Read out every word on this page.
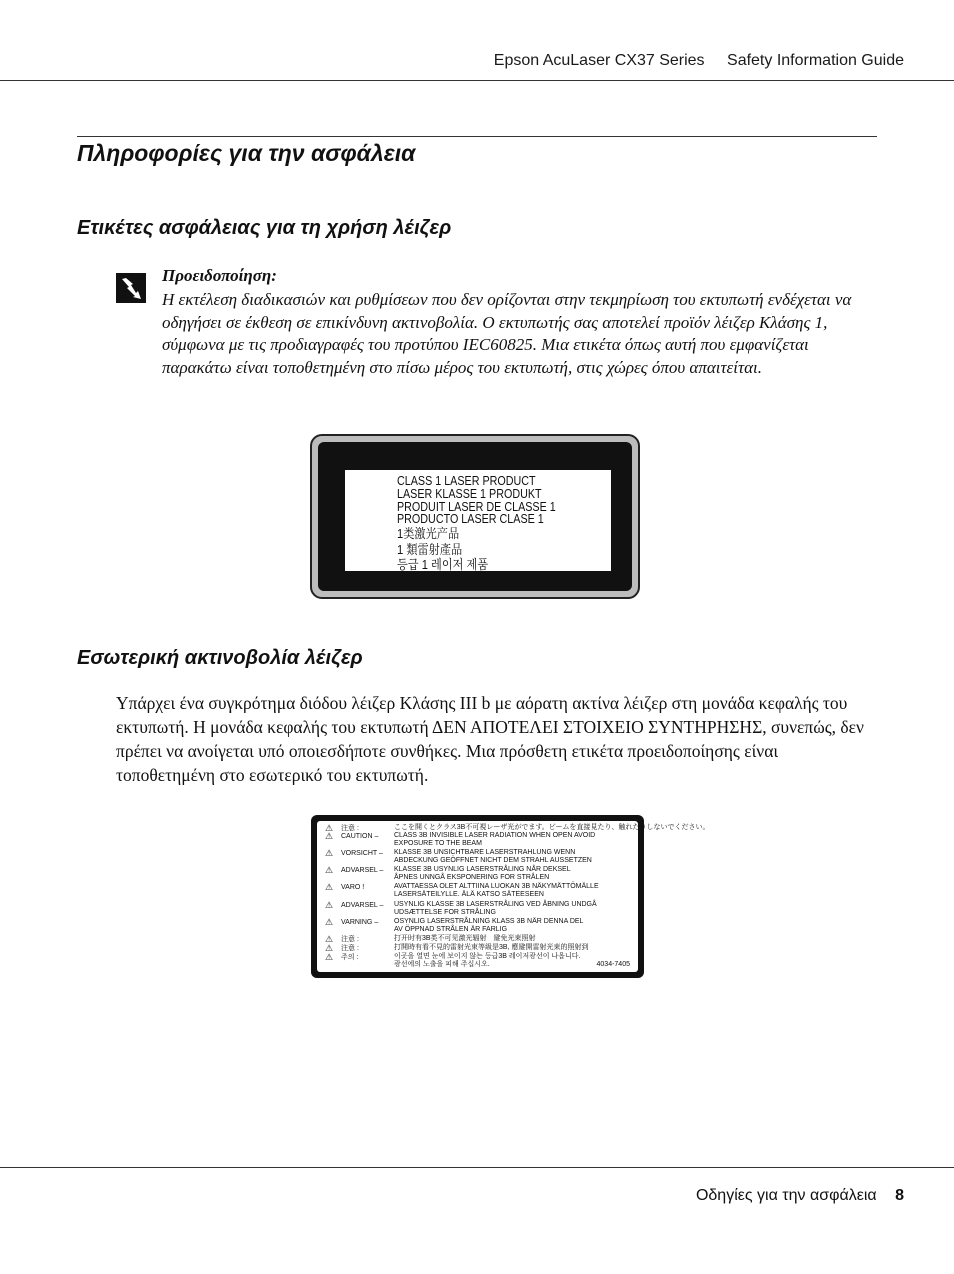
Epson AcuLaser CX37 Series Safety Information Guide
Πληροφορίες για την ασφάλεια
Ετικέτες ασφάλειας για τη χρήση λέιζερ
Προειδοποίηση:
Η εκτέλεση διαδικασιών και ρυθμίσεων που δεν ορίζονται στην τεκμηρίωση του εκτυπωτή ενδέχεται να οδηγήσει σε έκθεση σε επικίνδυνη ακτινοβολία. Ο εκτυπωτής σας αποτελεί προϊόν λέιζερ Κλάσης 1, σύμφωνα με τις προδιαγραφές του προτύπου IEC60825. Μια ετικέτα όπως αυτή που εμφανίζεται παρακάτω είναι τοποθετημένη στο πίσω μέρος του εκτυπωτή, στις χώρες όπου απαιτείται.
CLASS 1 LASER PRODUCT
LASER KLASSE 1 PRODUKT
PRODUIT LASER DE CLASSE 1
PRODUCTO LASER CLASE 1
1类激光产品
1 類雷射產品
등급 1 레이저 제품
Εσωτερική ακτινοβολία λέιζερ
Υπάρχει ένα συγκρότημα διόδου λέιζερ Κλάσης III b με αόρατη ακτίνα λέιζερ στη μονάδα κεφαλής του εκτυπωτή. Η μονάδα κεφαλής του εκτυπωτή ΔΕΝ ΑΠΟΤΕΛΕΙ ΣΤΟΙΧΕΙΟ ΣΥΝΤΗΡΗΣΗΣ, συνεπώς, δεν πρέπει να ανοίγεται υπό οποιεσδήποτε συνθήκες. Μια πρόσθετη ετικέτα προειδοποίησης είναι τοποθετημένη στο εσωτερικό του εκτυπωτή.
4034-7405
⚠ 注意 :	ここを開くとクラス3B不可視レーザ光がでます。ビームを直接見たり、触れたりしないでください。
⚠ CAUTION – CLASS 3B INVISIBLE LASER RADIATION WHEN OPEN AVOID
EXPOSURE TO THE BEAM
⚠ VORSICHT – KLASSE 3B UNSICHTBARE LASERSTRAHLUNG WENN
ABDECKUNG GEÖFFNET NICHT DEM STRAHL AUSSETZEN
⚠ ADVARSEL – KLASSE 3B USYNLIG LASERSTRÅLING NÅR DEKSEL
ÅPNES UNNGÅ EKSPONERING FOR STRÅLEN
⚠ VARO !	AVATTAESSA OLET ALTTIINA LUOKAN 3B NÄKYMÄTTÖMÄLLE
LASERSÄTEILYLLE. ÄLÄ KATSO SÄTEESEEN
⚠ ADVARSEL – USYNLIG KLASSE 3B LASERSTRÅLING VED ÅBNING UNDGÅ
UDSÆTTELSE FOR STRÅLING
⚠ VARNING – OSYNLIG LASERSTRÅLNING KLASS 3B NÄR DENNA DEL
AV ÖPPNAD STRÅLEN ÄR FARLIG
⚠ 注意 :	打开时有3B类不可见激光辐射　避免光束照射
⚠ 注意 :	打開時有看不見的雷射光束等級是3B, 應避開雷射光束的照射到
⚠ 주의 :	이곳을 열면 눈에 보이지 않는 등급3B 레이저광선이 나옵니다.
광선에의 노출을 피해 주십시오.
Οδηγίες για την ασφάλεια 8
